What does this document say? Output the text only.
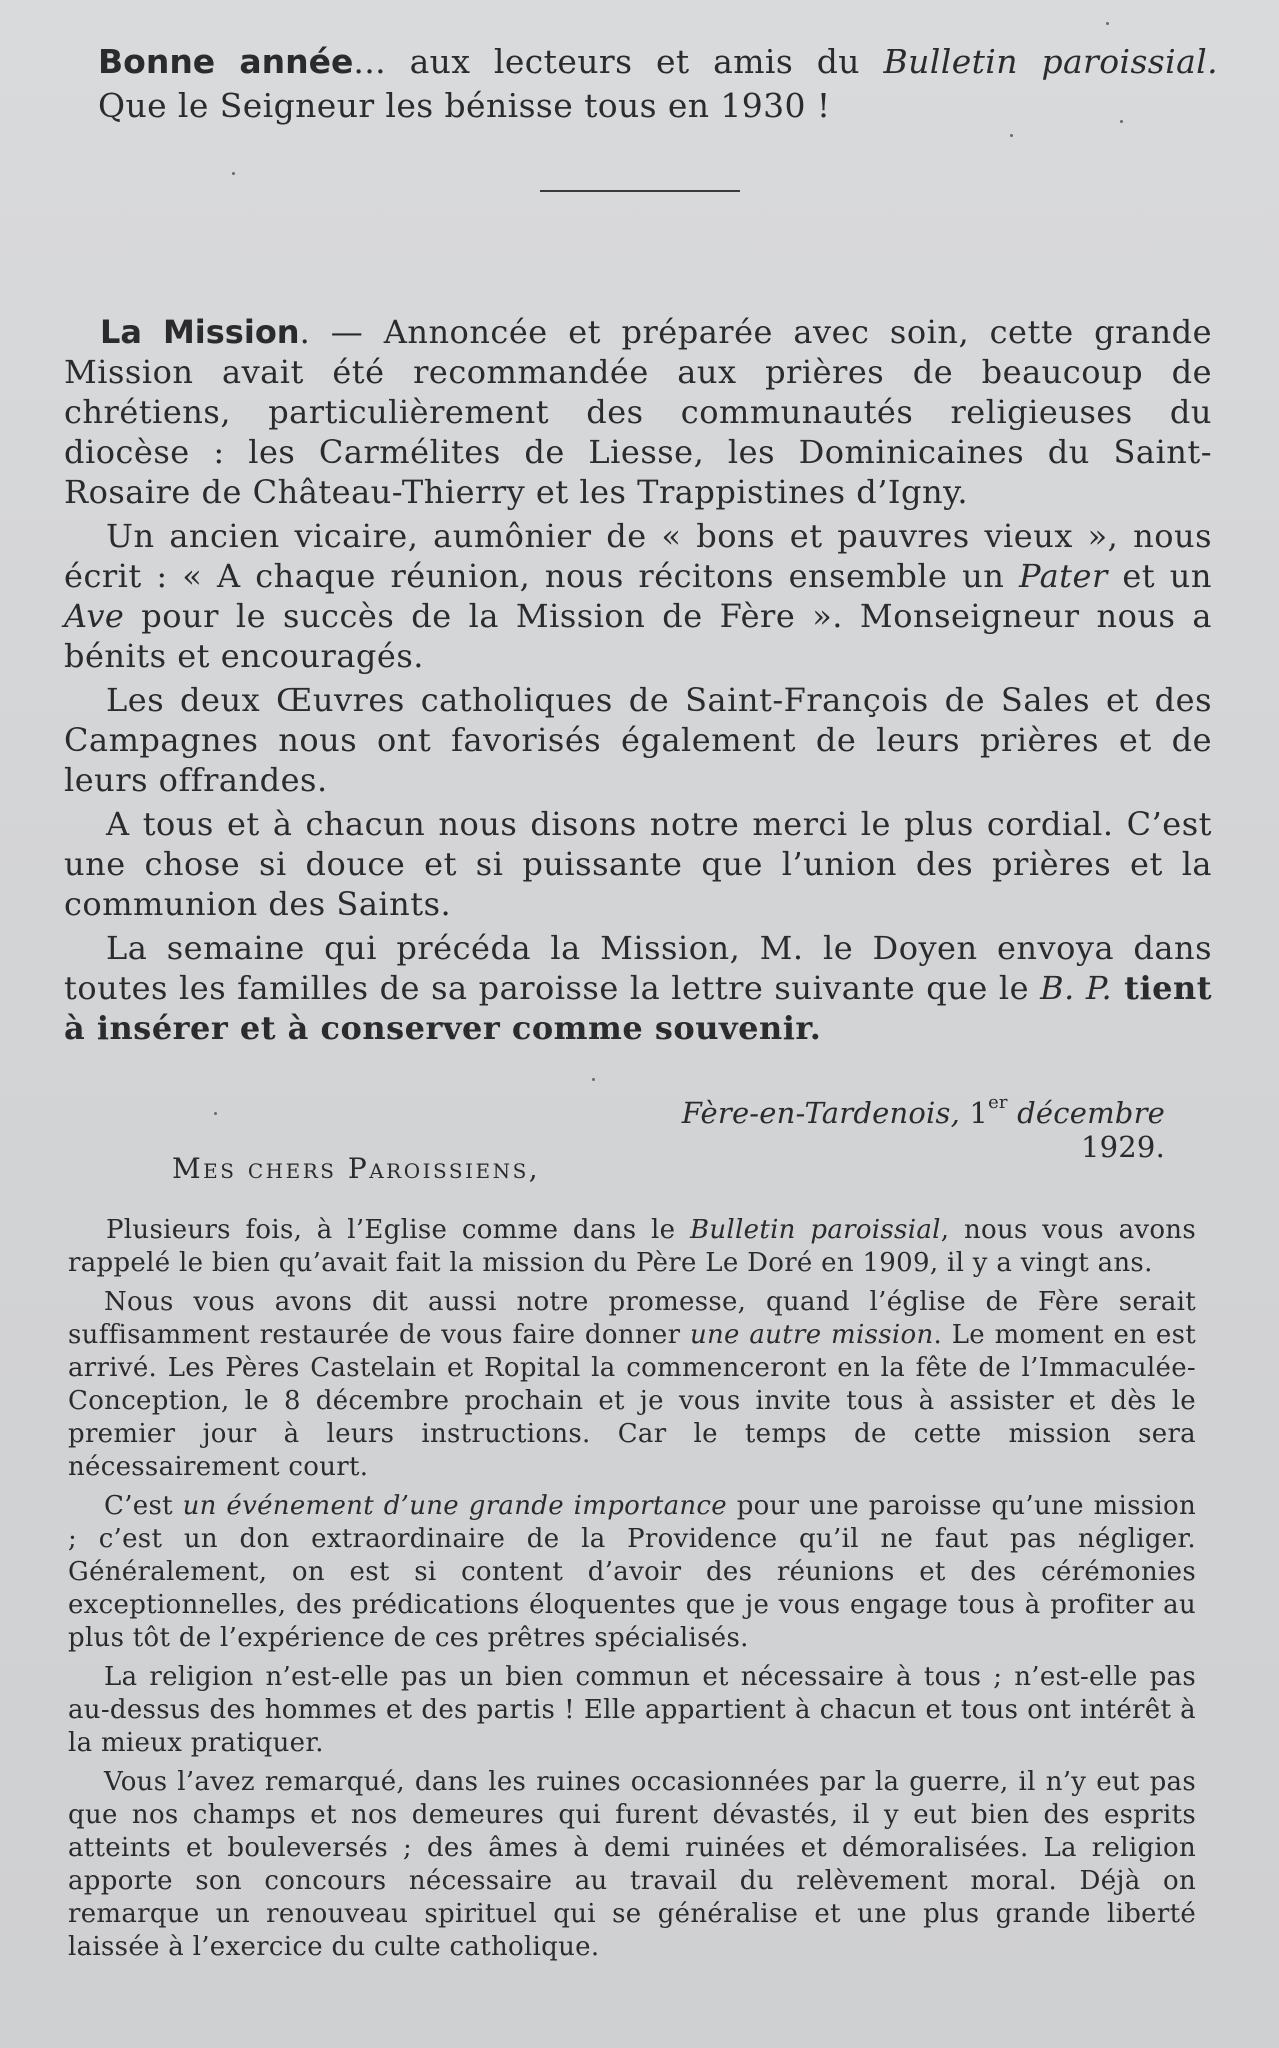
Bonne année... aux lecteurs et amis du Bulletin paroissial.
Que le Seigneur les bénisse tous en 1930 !

La Mission. — Annoncée et préparée avec soin, cette grande Mission avait été recommandée aux prières de beaucoup de chrétiens, particulièrement des communautés religieuses du diocèse : les Carmélites de Liesse, les Dominicaines du Saint-Rosaire de Château-Thierry et les Trappistines d’Igny.

Un ancien vicaire, aumônier de « bons et pauvres vieux », nous écrit : « A chaque réunion, nous récitons ensemble un Pater et un Ave pour le succès de la Mission de Fère ». Monseigneur nous a bénits et encouragés.

Les deux Œuvres catholiques de Saint-François de Sales et des Campagnes nous ont favorisés également de leurs prières et de leurs offrandes.

A tous et à chacun nous disons notre merci le plus cordial. C’est une chose si douce et si puissante que l’union des prières et la communion des Saints.

La semaine qui précéda la Mission, M. le Doyen envoya dans toutes les familles de sa paroisse la lettre suivante que le B. P. tient à insérer et à conserver comme souvenir.

Fère-en-Tardenois, 1er décembre 1929.
Mes chers Paroissiens,

Plusieurs fois, à l’Eglise comme dans le Bulletin paroissial, nous vous avons rappelé le bien qu’avait fait la mission du Père Le Doré en 1909, il y a vingt ans.

Nous vous avons dit aussi notre promesse, quand l’église de Fère serait suffisamment restaurée de vous faire donner une autre mission. Le moment en est arrivé. Les Pères Castelain et Ropital la commenceront en la fête de l’Immaculée-Conception, le 8 décembre prochain et je vous invite tous à assister et dès le premier jour à leurs instructions. Car le temps de cette mission sera nécessairement court.

C’est un événement d’une grande importance pour une paroisse qu’une mission ; c’est un don extraordinaire de la Providence qu’il ne faut pas négliger. Généralement, on est si content d’avoir des réunions et des cérémonies exceptionnelles, des prédications éloquentes que je vous engage tous à profiter au plus tôt de l’expérience de ces prêtres spécialisés.

La religion n’est-elle pas un bien commun et nécessaire à tous ; n’est-elle pas au-dessus des hommes et des partis ! Elle appartient à chacun et tous ont intérêt à la mieux pratiquer.

Vous l’avez remarqué, dans les ruines occasionnées par la guerre, il n’y eut pas que nos champs et nos demeures qui furent dévastés, il y eut bien des esprits atteints et bouleversés ; des âmes à demi ruinées et démoralisées. La religion apporte son concours nécessaire au travail du relèvement moral. Déjà on remarque un renouveau spirituel qui se généralise et une plus grande liberté laissée à l’exercice du culte catholique.
